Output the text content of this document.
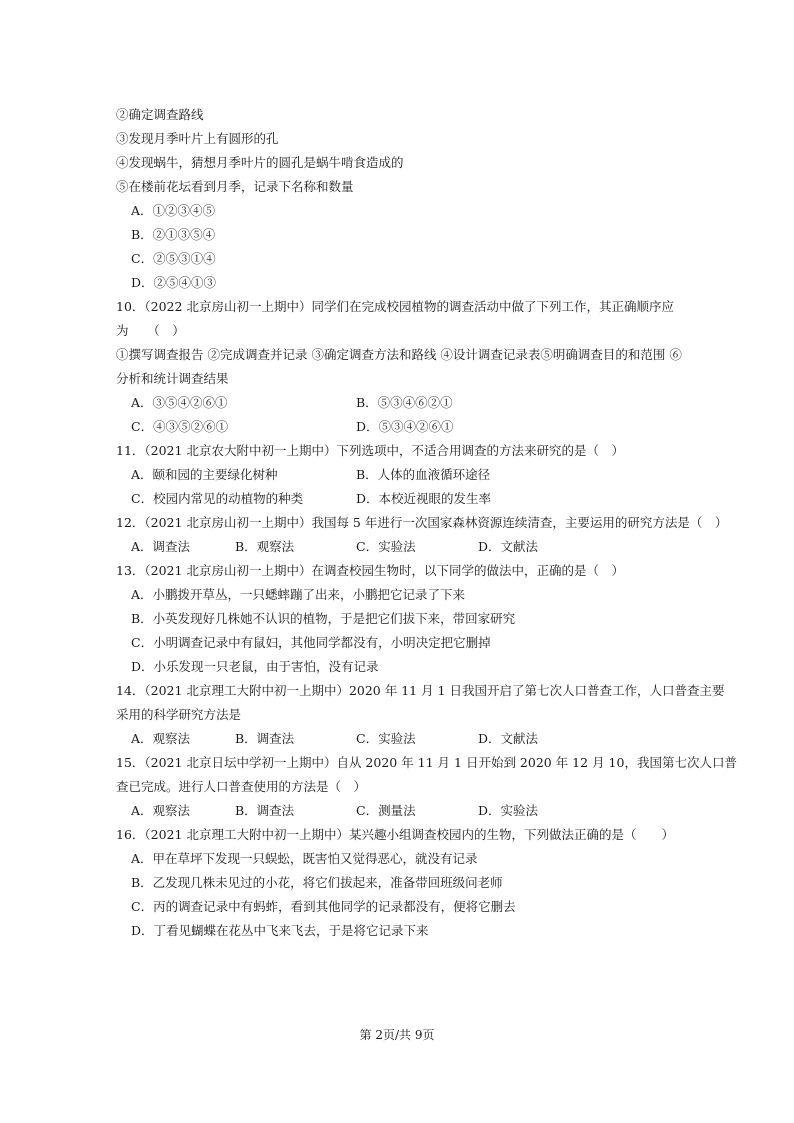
②确定调查路线
③发现月季叶片上有圆形的孔
④发现蜗牛，猜想月季叶片的圆孔是蜗牛啃食造成的
⑤在楼前花坛看到月季，记录下名称和数量
A．①②③④⑤
B．②①③⑤④
C．②⑤③①④
D．②⑤④①③
10．（2022 北京房山初一上期中）同学们在完成校园植物的调查活动中做了下列工作，其正确顺序应
为　　（　）
①撰写调查报告 ②完成调查并记录 ③确定调查方法和路线 ④设计调查记录表⑤明确调查目的和范围 ⑥
分析和统计调查结果
A．③⑤④②⑥①	B．⑤③④⑥②①
C．④③⑤②⑥①	D．⑤③④②⑥①
11．（2021 北京农大附中初一上期中）下列选项中，不适合用调查的方法来研究的是（　）
A．颐和园的主要绿化树种	B．人体的血液循环途径
C．校园内常见的动植物的种类	D．本校近视眼的发生率
12．（2021 北京房山初一上期中）我国每 5 年进行一次国家森林资源连续清查，主要运用的研究方法是（　）
A．调查法	B．观察法	C．实验法	D．文献法
13．（2021 北京房山初一上期中）在调查校园生物时，以下同学的做法中，正确的是（　）
A．小鹏拨开草丛，一只蟋蟀蹦了出来，小鹏把它记录了下来
B．小英发现好几株她不认识的植物，于是把它们拔下来，带回家研究
C．小明调查记录中有鼠妇，其他同学都没有，小明决定把它删掉
D．小乐发现一只老鼠，由于害怕，没有记录
14．（2021 北京理工大附中初一上期中）2020 年 11 月 1 日我国开启了第七次人口普查工作，人口普查主要
采用的科学研究方法是
A．观察法	B．调查法	C．实验法	D．文献法
15．（2021 北京日坛中学初一上期中）自从 2020 年 11 月 1 日开始到 2020 年 12 月 10，我国第七次人口普
查已完成。进行人口普查使用的方法是（　）
A．观察法	B．调查法	C．测量法	D．实验法
16．（2021 北京理工大附中初一上期中）某兴趣小组调查校园内的生物，下列做法正确的是（　　）
A．甲在草坪下发现一只蜈蚣，既害怕又觉得恶心，就没有记录
B．乙发现几株未见过的小花，将它们拔起来，准备带回班级问老师
C．丙的调查记录中有蚂蚱，看到其他同学的记录都没有，便将它删去
D．丁看见蝴蝶在花丛中飞来飞去，于是将它记录下来
第 2页/共 9页
